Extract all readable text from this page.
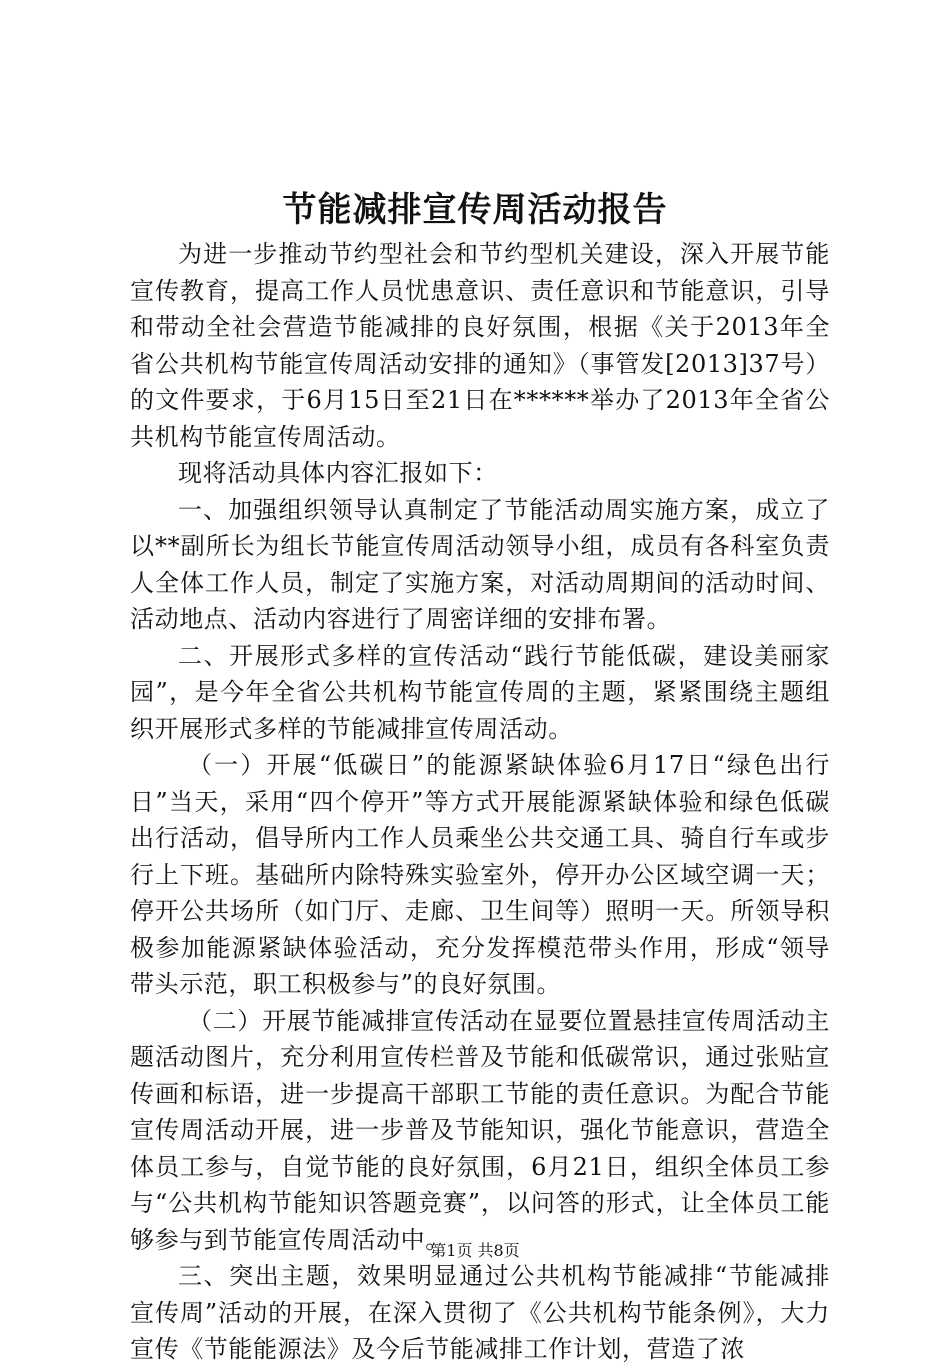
节能减排宣传周活动报告

为进一步推动节约型社会和节约型机关建设，深入开展节能宣传教育，提高工作人员忧患意识、责任意识和节能意识，引导和带动全社会营造节能减排的良好氛围，根据《关于2013年全省公共机构节能宣传周活动安排的通知》（事管发[2013]37号）的文件要求，于6月15日至21日在******举办了2013年全省公共机构节能宣传周活动。

现将活动具体内容汇报如下：

一、加强组织领导认真制定了节能活动周实施方案，成立了以**副所长为组长节能宣传周活动领导小组，成员有各科室负责人全体工作人员，制定了实施方案，对活动周期间的活动时间、活动地点、活动内容进行了周密详细的安排布署。

二、开展形式多样的宣传活动“践行节能低碳，建设美丽家园”，是今年全省公共机构节能宣传周的主题，紧紧围绕主题组织开展形式多样的节能减排宣传周活动。

（一）开展“低碳日”的能源紧缺体验6月17日“绿色出行日”当天，采用“四个停开”等方式开展能源紧缺体验和绿色低碳出行活动，倡导所内工作人员乘坐公共交通工具、骑自行车或步行上下班。基础所内除特殊实验室外，停开办公区域空调一天；停开公共场所（如门厅、走廊、卫生间等）照明一天。所领导积极参加能源紧缺体验活动，充分发挥模范带头作用，形成“领导带头示范，职工积极参与”的良好氛围。

（二）开展节能减排宣传活动在显要位置悬挂宣传周活动主题活动图片，充分利用宣传栏普及节能和低碳常识，通过张贴宣传画和标语，进一步提高干部职工节能的责任意识。为配合节能宣传周活动开展，进一步普及节能知识，强化节能意识，营造全体员工参与，自觉节能的良好氛围，6月21日，组织全体员工参与“公共机构节能知识答题竞赛”，以问答的形式，让全体员工能够参与到节能宣传周活动中。

三、突出主题，效果明显通过公共机构节能减排“节能减排宣传周”活动的开展，在深入贯彻了《公共机构节能条例》，大力宣传《节能能源法》及今后节能减排工作计划，营造了浓

第1页 共8页
